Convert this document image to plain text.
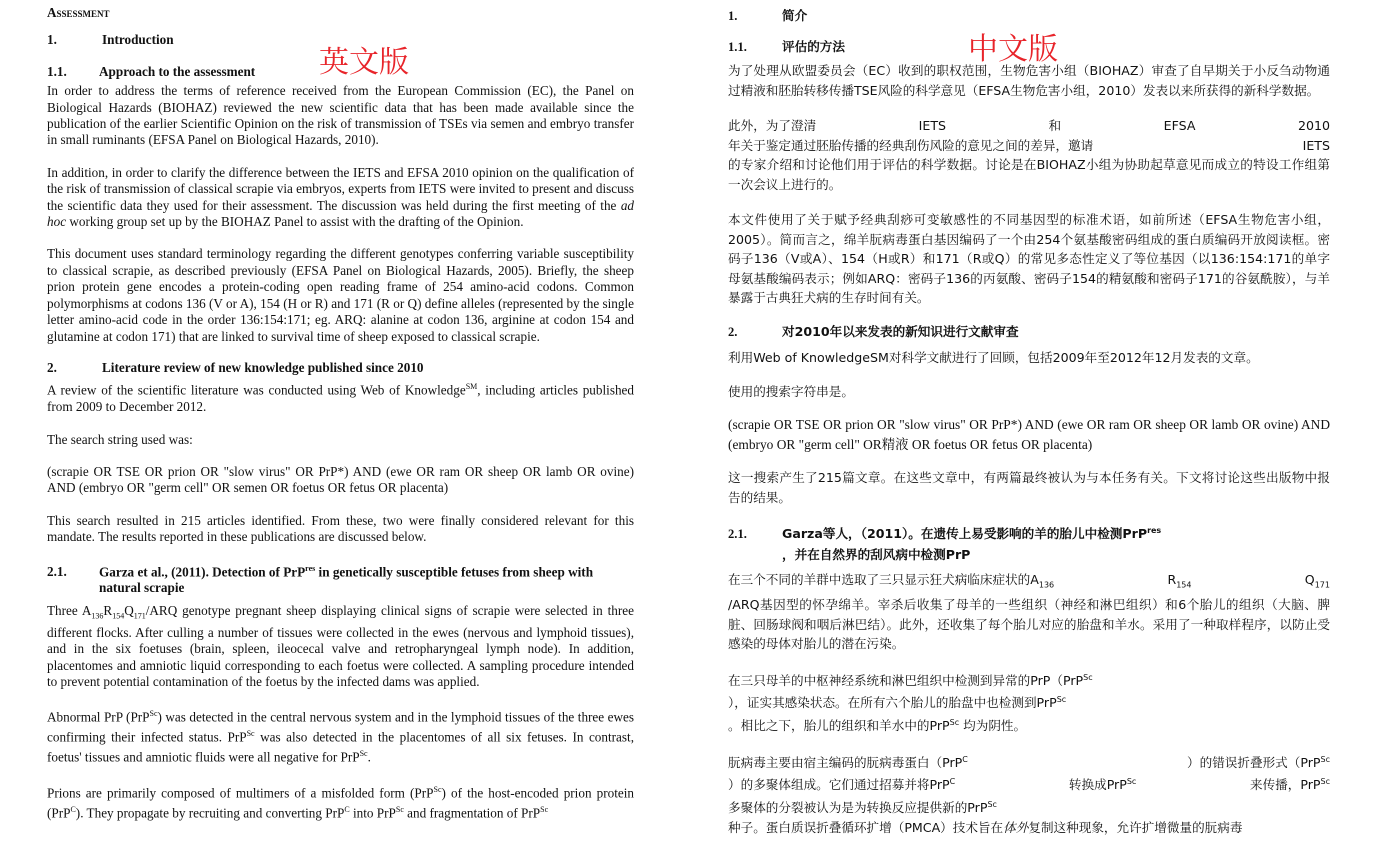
英文版
Assessment
1.	Introduction
1.1. Approach to the assessment

In order to address the terms of reference received from the European Commission (EC), the Panel on Biological Hazards (BIOHAZ) reviewed the new scientific data that has been made available since the publication of the earlier Scientific Opinion on the risk of transmission of TSEs via semen and embryo transfer in small ruminants (EFSA Panel on Biological Hazards, 2010).

In addition, in order to clarify the difference between the IETS and EFSA 2010 opinion on the qualification of the risk of transmission of classical scrapie via embryos, experts from IETS were invited to present and discuss the scientific data they used for their assessment. The discussion was held during the first meeting of the ad hoc working group set up by the BIOHAZ Panel to assist with the drafting of the Opinion.

This document uses standard terminology regarding the different genotypes conferring variable susceptibility to classical scrapie, as described previously (EFSA Panel on Biological Hazards, 2005). Briefly, the sheep prion protein gene encodes a protein-coding open reading frame of 254 amino-acid codons. Common polymorphisms at codons 136 (V or A), 154 (H or R) and 171 (R or Q) define alleles (represented by the single letter amino-acid code in the order 136:154:171; eg. ARQ: alanine at codon 136, arginine at codon 154 and glutamine at codon 171) that are linked to survival time of sheep exposed to classical scrapie.

2.	Literature review of new knowledge published since 2010

A review of the scientific literature was conducted using Web of Knowledge℠, including articles published from 2009 to December 2012.

The search string used was:

(scrapie OR TSE OR prion OR "slow virus" OR PrP*) AND (ewe OR ram OR sheep OR lamb OR ovine) AND (embryo OR "germ cell" OR semen OR foetus OR fetus OR placenta)

This search resulted in 215 articles identified. From these, two were finally considered relevant for this mandate. The results reported in these publications are discussed below.

2.1. Garza et al., (2011). Detection of PrP$^{res}$ in genetically susceptible fetuses from sheep with natural scrapie

Three $A_{136}R_{154}Q_{171}$/ARQ genotype pregnant sheep displaying clinical signs of scrapie were selected in three different flocks. After culling a number of tissues were collected in the ewes (nervous and lymphoid tissues), and in the six foetuses (brain, spleen, ileocecal valve and retropharyngeal lymph node). In addition, placentomes and amniotic liquid corresponding to each foetus were collected. A sampling procedure intended to prevent potential contamination of the foetus by the infected dams was applied.

Abnormal PrP (PrP$^{Sc}$) was detected in the central nervous system and in the lymphoid tissues of the three ewes confirming their infected status. PrP$^{Sc}$ was also detected in the placentomes of all six fetuses. In contrast, foetus' tissues and amniotic fluids were all negative for PrP$^{Sc}$.

Prions are primarily composed of multimers of a misfolded form (PrP$^{Sc}$) of the host-encoded prion protein (PrP$^C$). They propagate by recruiting and converting PrP$^C$ into PrP$^{Sc}$ and fragmentation of PrP$^{Sc}$

中文版
1.	简介
1.1.	评估的方法

为了处理从欧盟委员会（EC）收到的职权范围，生物危害小组（BIOHAZ）审查了自早期关于小反刍动物通过精液和胚胎转移传播TSE风险的科学意见（EFSA生物危害小组，2010）发表以来所获得的新科学数据。

此外，为了澄清	IETS	和	EFSA	2010
年关于鉴定通过胚胎传播的经典刮伤风险的意见之间的差异，邀请	IETS

的专家介绍和讨论他们用于评估的科学数据。讨论是在BIOHAZ小组为协助起草意见而成立的特设工作组第一次会议上进行的。

本文件使用了关于赋予经典刮痧可变敏感性的不同基因型的标准术语，如前所述（EFSA生物危害小组，2005）。简而言之，绵羊朊病毒蛋白基因编码了一个由254个氨基酸密码组成的蛋白质编码开放阅读框。密码子136（V或A）、154（H或R）和171（R或Q）的常见多态性定义了等位基因（以136:154:171的单字母氨基酸编码表示；例如ARQ：密码子136的丙氨酸、密码子154的精氨酸和密码子171的谷氨酰胺），与羊暴露于古典狂犬病的生存时间有关。

2.	对2010年以来发表的新知识进行文献审查

利用Web of KnowledgeSM对科学文献进行了回顾，包括2009年至2012年12月发表的文章。

使用的搜索字符串是。

(scrapie OR TSE OR prion OR "slow virus" OR PrP*) AND (ewe OR ram OR sheep OR lamb OR ovine) AND (embryo OR "germ cell" OR精液 OR foetus OR fetus OR placenta)

这一搜索产生了215篇文章。在这些文章中，有两篇最终被认为与本任务有关。下文将讨论这些出版物中报告的结果。

2.1.	Garza等人，（2011）。在遗传上易受影响的羊的胎儿中检测PrP$^{res}$
，并在自然界的刮风病中检测PrP
在三个不同的羊群中选取了三只显示狂犬病临床症状的$A_{136}$	$R_{154}$	$Q_{171}$

/ARQ基因型的怀孕绵羊。宰杀后收集了母羊的一些组织（神经和淋巴组织）和6个胎儿的组织（大脑、脾脏、回肠球阀和咽后淋巴结）。此外，还收集了每个胎儿对应的胎盘和羊水。采用了一种取样程序，以防止受感染的母体对胎儿的潜在污染。

在三只母羊的中枢神经系统和淋巴组织中检测到异常的PrP（PrP$^{Sc}$
），证实其感染状态。在所有六个胎儿的胎盘中也检测到PrP$^{Sc}$
。相比之下，胎儿的组织和羊水中的PrP$^{Sc}$ 均为阴性。
朊病毒主要由宿主编码的朊病毒蛋白（PrP$^C$	）的错误折叠形式（PrP$^{Sc}$
）的多聚体组成。它们通过招募并将PrP$^C$	转换成PrP$^{Sc}$	来传播，PrP$^{Sc}$
多聚体的分裂被认为是为转换反应提供新的PrP$^{Sc}$
种子。蛋白质误折叠循环扩增（PMCA）技术旨在体外复制这种现象，允许扩增微量的朊病毒
